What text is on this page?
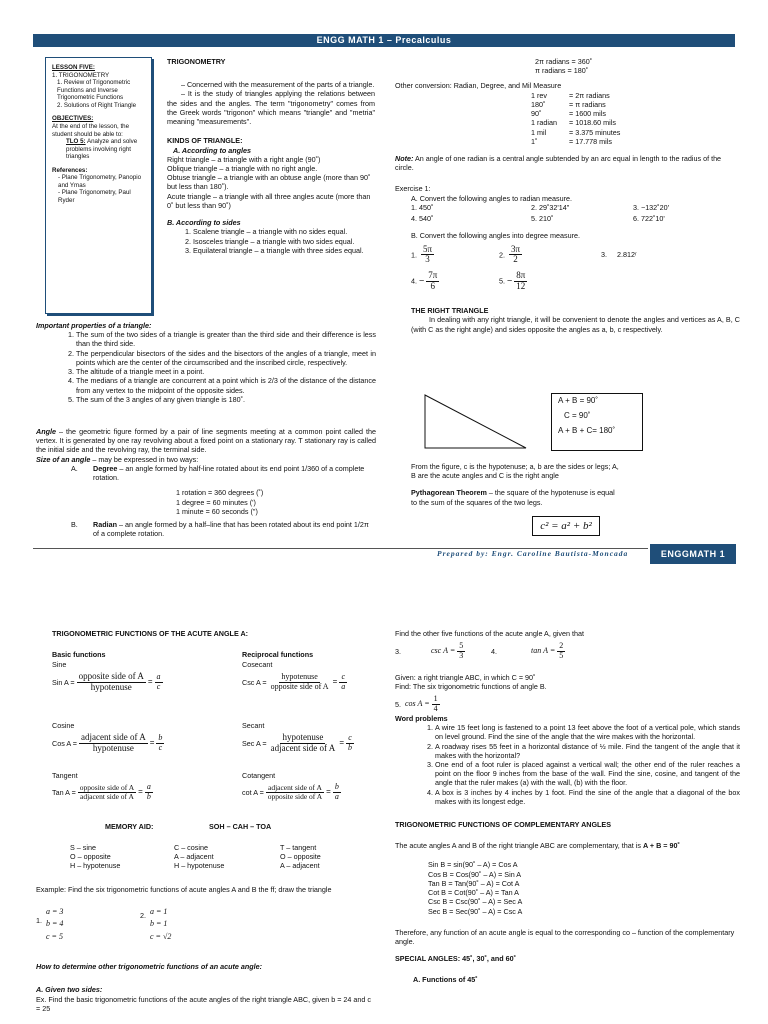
ENGG MATH 1 – Precalculus
LESSON FIVE:
1. TRIGONOMETRY
1. Review of Trigonometric Functions and Inverse Trigonometric Functions
2. Solutions of Right Triangle
OBJECTIVES:
At the end of the lesson, the student should be able to:
TLO 5: Analyze and solve problems involving right triangles
References:
- Plane Trigonometry, Panopio and Ymas
- Plane Trigonometry, Paul Ryder
TRIGONOMETRY

– Concerned with the measurement of the parts of a triangle.

– It is the study of triangles applying the relations between the sides and the angles. The term "trigonometry" comes from the Greek words "trigonon" which means "triangle" and "metria" meaning "measurements".

KINDS OF TRIANGLE:
A. According to angles
Right triangle – a triangle with a right angle (90˚)
Oblique triangle – a triangle with no right angle.
Obtuse triangle – a triangle with an obtuse angle (more than 90˚ but less than 180˚).
Acute triangle – a triangle with all three angles acute (more than 0˚ but less than 90˚)
B. According to sides
1. Scalene triangle – a triangle with no sides equal.
2. Isosceles triangle – a triangle with two sides equal.
3. Equilateral triangle – a triangle with three sides equal.
Important properties of a triangle:
1. The sum of the two sides of a triangle is greater than the third side and their difference is less than the third side.
2. The perpendicular bisectors of the sides and the bisectors of the angles of a triangle, meet in points which are the center of the circumscribed and the inscribed circle, respectively.
3. The altitude of a triangle meet in a point.
4. The medians of a triangle are concurrent at a point which is 2/3 of the distance of the distance from any vertex to the midpoint of the opposite sides.
5. The sum of the 3 angles of any given triangle is 180˚.

Angle – the geometric figure formed by a pair of line segments meeting at a common point called the vertex. It is generated by one ray revolving about a fixed point on a stationary ray. T stationary ray is called the initial side and the revolving ray, the terminal side.

Size of an angle – may be expressed in two ways:

A.	Degree – an angle formed by half-line rotated about its end point 1/360 of a complete rotation.

1 rotation = 360 degrees (˚)
1 degree = 60 minutes (')
1 minute = 60 seconds (")
B.	Radian – an angle formed by a half–line that has been rotated about its end point 1/2π of a complete rotation.

2π radians = 360˚
π radians = 180˚
Other conversion: Radian, Degree, and Mil Measure
1 rev	= 2π radians
180˚	= π radians
90˚	= 1600 mils
1 radian	= 1018.60 mils
1 mil	= 3.375 minutes
1˚	= 17.778 mils

Note: An angle of one radian is a central angle subtended by an arc equal in length to the radius of the circle.

Exercise 1:
A. Convert the following angles to radian measure.
1. 450˚	2. 29˚32'14"	3. −132˚20'
4. 540˚	5. 210˚	6. 722˚10'
B. Convert the following angles into degree measure.
1. $\frac{5\pi}{3}$	2. $\frac{3\pi}{2}$	3. 2.812ʳ
4. − $\frac{7\pi}{6}$	5. − $\frac{8\pi}{12}$
THE RIGHT TRIANGLE

In dealing with any right triangle, it will be convenient to denote the angles and vertices as A, B, C (with C as the right angle) and sides opposite the angles as a, b, c respectively.

A + B = 90˚
C = 90˚
A + B + C= 180˚

From the figure, c is the hypotenuse; a, b are the sides or legs; A, B are the acute angles and C is the right angle

Pythagorean Theorem – the square of the hypotenuse is equal to the sum of the squares of the two legs.

c² = a² + b²
Prepared by: Engr. Caroline Bautista-Moncada	ENGGMATH 1
TRIGONOMETRIC FUNCTIONS OF THE ACUTE ANGLE A:
Basic functions	Reciprocal functions
Sine	Cosecant
Sin $A = \frac{\text{opposite side of A}}{\text{hypotenuse}} = \frac{a}{c}$	Csc $A = \frac{\text{hypotenuse}}{\text{opposite side of A}} = \frac{c}{a}$
Cosine	Secant
Cos $A = \frac{\text{adjacent side of A}}{\text{hypotenuse}} = \frac{b}{c}$	Sec $A = \frac{\text{hypotenuse}}{\text{adjacent side of A}} = \frac{c}{b}$
Tangent	Cotangent
Tan $A = \frac{\text{opposite side of A}}{\text{adjacent side of A}} = \frac{a}{b}$	$\cot A = \frac{\text{adjacent side of A}}{\text{opposite side of A}} = \frac{b}{a}$
MEMORY AID:	SOH – CAH – TOA
S – sine
O – opposite
H – hypotenuse
C – cosine
A – adjacent
H – hypotenuse
T – tangent
O – opposite
A – adjacent
Example: Find the six trigonometric functions of acute angles A and B the ff; draw the triangle
1.
a = 3
b = 4
c = 5
2. a = 1
b = 1
c = √2
How to determine other trigonometric functions of an acute angle:
A. Given two sides:
Ex. Find the basic trigonometric functions of the acute angles of the right triangle ABC, given b = 24 and c = 25
Find the other five functions of the acute angle A, given that
3.	$\csc A = \frac{5}{3}$	4.	$\tan A = \frac{2}{5}$
Given: a right triangle ABC, in which C = 90˚
Find: The six trigonometric functions of angle B.
5. $\cos A = \frac{1}{4}$
Word problems
1. A wire 15 feet long is fastened to a point 13 feet above the foot of a vertical pole, which stands on level ground. Find the sine of the angle that the wire makes with the horizontal.
2. A roadway rises 55 feet in a horizontal distance of ½ mile. Find the tangent of the angle that it makes with the horizontal?
3. One end of a foot ruler is placed against a vertical wall; the other end of the ruler reaches a point on the floor 9 inches from the base of the wall. Find the sine, cosine, and tangent of the angle that the ruler makes (a) with the wall, (b) with the floor.
4. A box is 3 inches by 4 inches by 1 foot. Find the sine of the angle that a diagonal of the box makes with its longest edge.
TRIGONOMETRIC FUNCTIONS OF COMPLEMENTARY ANGLES

The acute angles A and B of the right triangle ABC are complementary, that is A + B = 90˚

Sin B = sin(90˚ – A) = Cos A
Cos B = Cos(90˚ – A) = Sin A
Tan B = Tan(90˚ – A) = Cot A
Cot B = Cot(90˚ – A) = Tan A
Csc B = Csc(90˚ – A) = Sec A
Sec B = Sec(90˚ – A) = Csc A

Therefore, any function of an acute angle is equal to the corresponding co – function of the complementary angle.

SPECIAL ANGLES: 45˚, 30˚, and 60˚
A. Functions of 45˚
